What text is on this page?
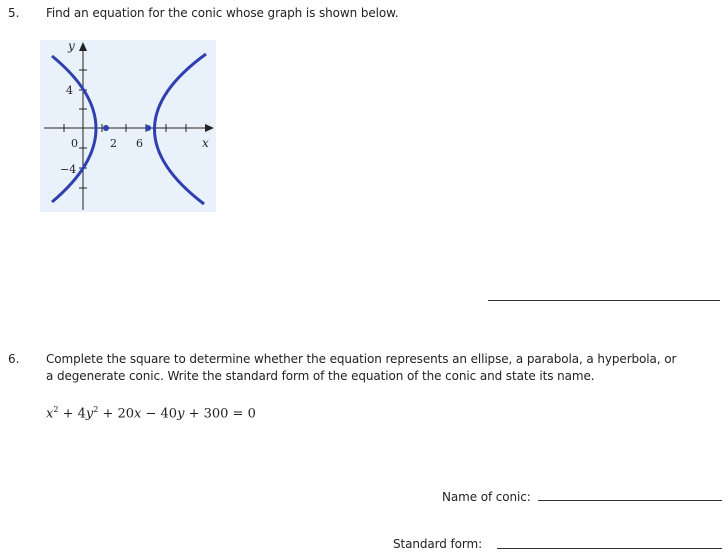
5. Find an equation for the conic whose graph is shown below.
y
4
0	2 6	x
−4
6. Complete the square to determine whether the equation represents an ellipse, a parabola, a hyperbola, or
a degenerate conic. Write the standard form of the equation of the conic and state its name.
$x^2 + 4y^2 + 20x - 40y + 300 = 0$
Name of conic:
Standard form:
